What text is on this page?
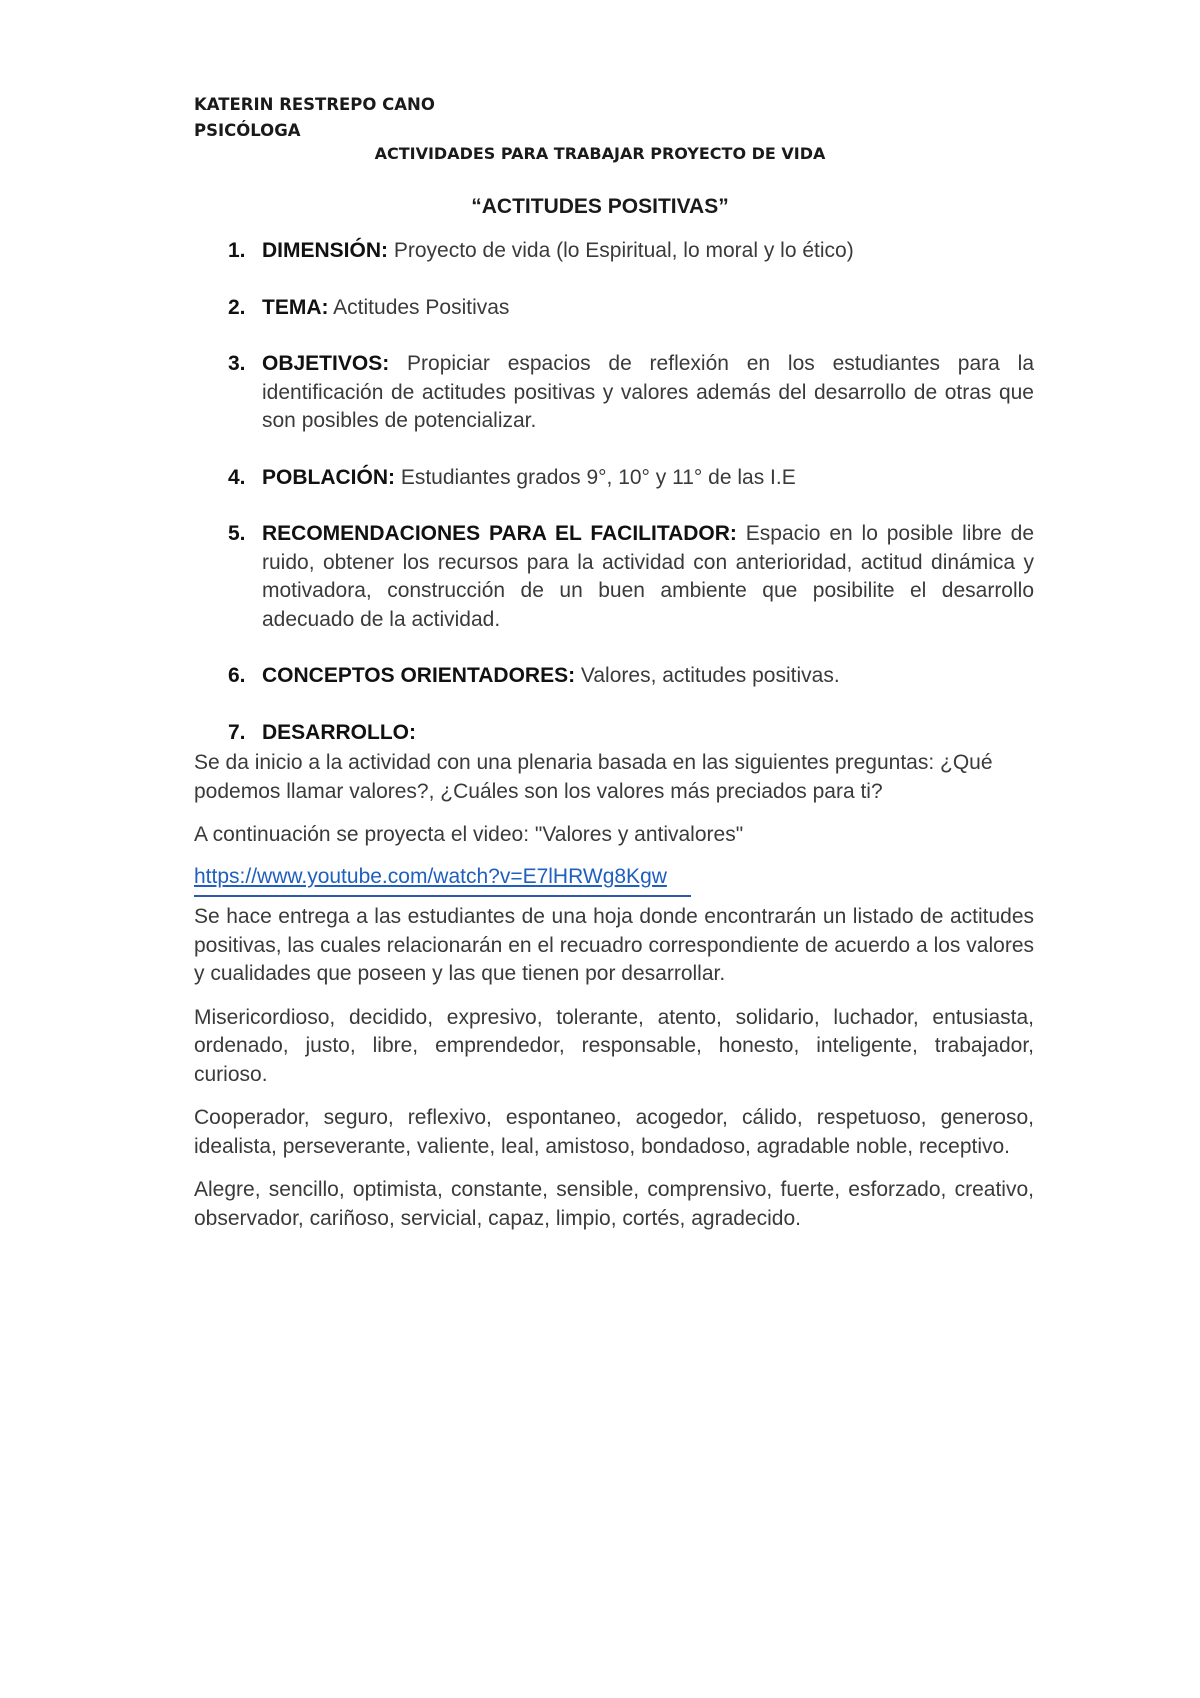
KATERIN RESTREPO CANO
PSICÓLOGA
ACTIVIDADES PARA TRABAJAR PROYECTO DE VIDA
“ACTITUDES POSITIVAS”
1. DIMENSIÓN: Proyecto de vida (lo Espiritual, lo moral y lo ético)
2. TEMA: Actitudes Positivas
3. OBJETIVOS: Propiciar espacios de reflexión en los estudiantes para la identificación de actitudes positivas y valores además del desarrollo de otras que son posibles de potencializar.
4. POBLACIÓN: Estudiantes grados 9°, 10° y 11° de las I.E
5. RECOMENDACIONES PARA EL FACILITADOR: Espacio en lo posible libre de ruido, obtener los recursos para la actividad con anterioridad, actitud dinámica y motivadora, construcción de un buen ambiente que posibilite el desarrollo adecuado de la actividad.
6. CONCEPTOS ORIENTADORES: Valores, actitudes positivas.
7. DESARROLLO:

Se da inicio a la actividad con una plenaria basada en las siguientes preguntas: ¿Qué podemos llamar valores?, ¿Cuáles son los valores más preciados para ti?

A continuación se proyecta el video: "Valores y antivalores"

https://www.youtube.com/watch?v=E7lHRWg8Kgw

Se hace entrega a las estudiantes de una hoja donde encontrarán un listado de actitudes positivas, las cuales relacionarán en el recuadro correspondiente de acuerdo a los valores y cualidades que poseen y las que tienen por desarrollar.

Misericordioso, decidido, expresivo, tolerante, atento, solidario, luchador, entusiasta, ordenado, justo, libre, emprendedor, responsable, honesto, inteligente, trabajador, curioso.

Cooperador, seguro, reflexivo, espontaneo, acogedor, cálido, respetuoso, generoso, idealista, perseverante, valiente, leal, amistoso, bondadoso, agradable noble, receptivo.

Alegre, sencillo, optimista, constante, sensible, comprensivo, fuerte, esforzado, creativo, observador, cariñoso, servicial, capaz, limpio, cortés, agradecido.
